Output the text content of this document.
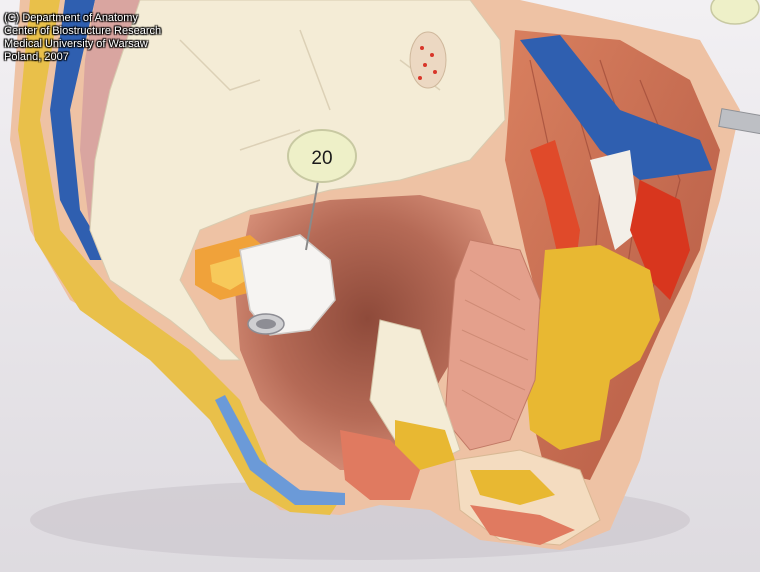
20
(C) Department of Anatomy
Center of Biostructure Research
Medical University of Warsaw
Poland, 2007
